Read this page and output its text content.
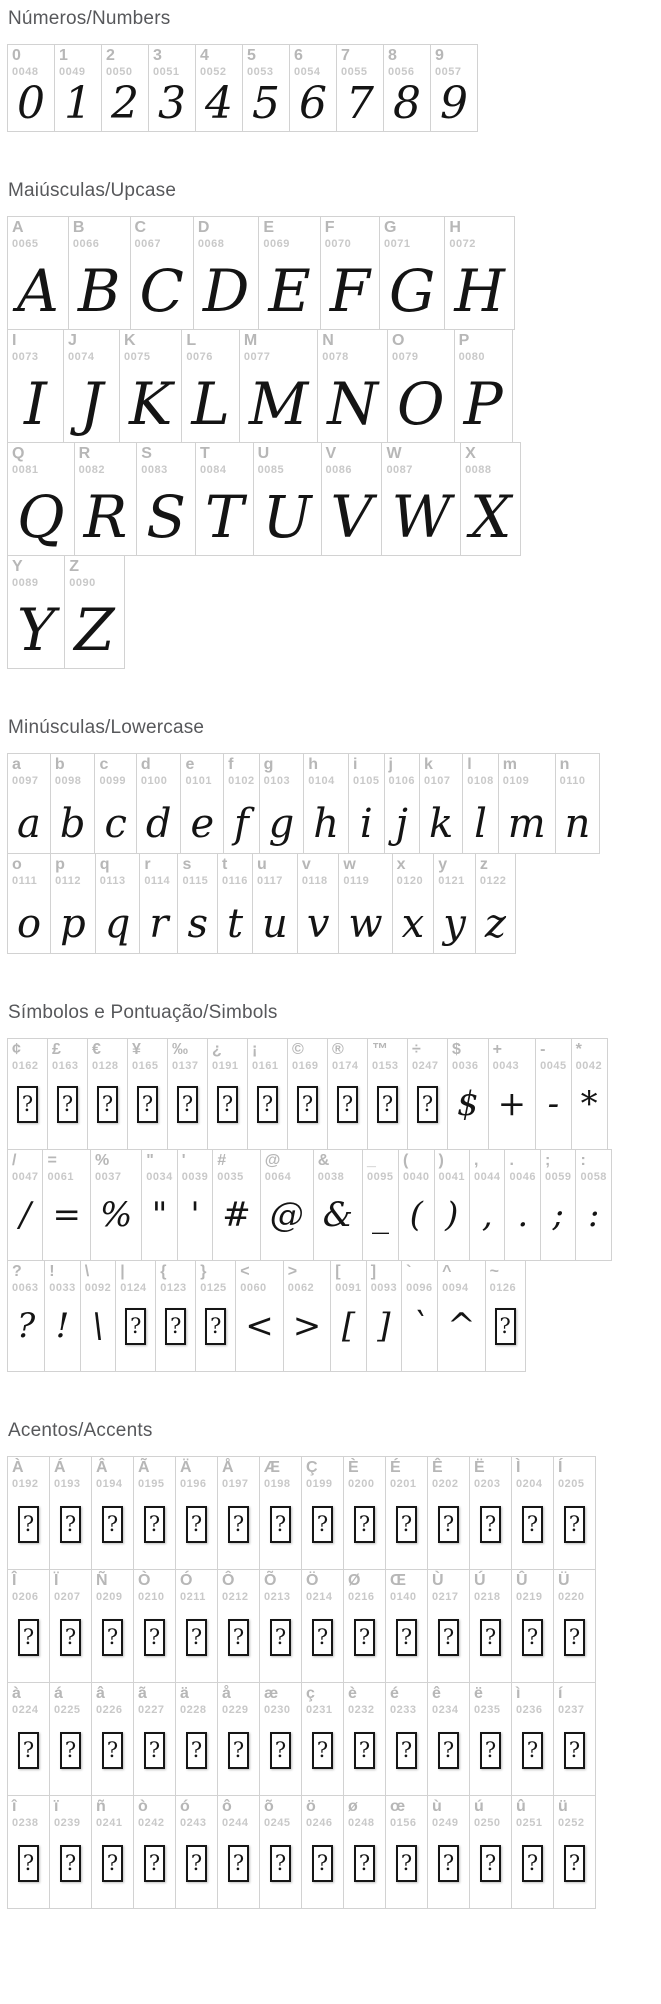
Números/Numbers
0
0048
0
1
0049
1
2
0050
2
3
0051
3
4
0052
4
5
0053
5
6
0054
6
7
0055
7
8
0056
8
9
0057
9
Maiúsculas/Upcase
A
0065
A
B
0066
B
C
0067
C
D
0068
D
E
0069
E
F
0070
F
G
0071
G
H
0072
H
I
0073
I
J
0074
J
K
0075
K
L
0076
L
M
0077
M
N
0078
N
O
0079
O
P
0080
P
Q
0081
Q
R
0082
R
S
0083
S
T
0084
T
U
0085
U
V
0086
V
W
0087
W
X
0088
X
Y
0089
Y
Z
0090
Z
Minúsculas/Lowercase
a
0097
a
b
0098
b
c
0099
c
d
0100
d
e
0101
e
f
0102
f
g
0103
g
h
0104
h
i
0105
i
j
0106
j
k
0107
k
l
0108
l
m
0109
m
n
0110
n
o
0111
o
p
0112
p
q
0113
q
r
0114
r
s
0115
s
t
0116
t
u
0117
u
v
0118
v
w
0119
w
x
0120
x
y
0121
y
z
0122
z
Símbolos e Pontuação/Simbols
¢
0162
?
£
0163
?
€
0128
?
¥
0165
?
‰
0137
?
¿
0191
?
¡
0161
?
©
0169
?
®
0174
?
™
0153
?
÷
0247
?
$
0036
$
+
0043
+
-
0045
-
*
0042
*
/
0047
/
=
0061
=
%
0037
%
"
0034
"
'
0039
'
#
0035
#
@
0064
@
&
0038
&
_
0095
_
(
0040
(
)
0041
)
,
0044
,
.
0046
.
;
0059
;
:
0058
:
?
0063
?
!
0033
!
\
0092
\
|
0124
?
{
0123
?
}
0125
?
<
0060
<
>
0062
>
[
0091
[
]
0093
]
`
0096
`
^
0094
^
~
0126
?
Acentos/Accents
À
0192
?
Á
0193
?
Â
0194
?
Ã
0195
?
Ä
0196
?
Å
0197
?
Æ
0198
?
Ç
0199
?
È
0200
?
É
0201
?
Ê
0202
?
Ë
0203
?
Ì
0204
?
Í
0205
?
Î
0206
?
Ï
0207
?
Ñ
0209
?
Ò
0210
?
Ó
0211
?
Ô
0212
?
Õ
0213
?
Ö
0214
?
Ø
0216
?
Œ
0140
?
Ù
0217
?
Ú
0218
?
Û
0219
?
Ü
0220
?
à
0224
?
á
0225
?
â
0226
?
ã
0227
?
ä
0228
?
å
0229
?
æ
0230
?
ç
0231
?
è
0232
?
é
0233
?
ê
0234
?
ë
0235
?
ì
0236
?
í
0237
?
î
0238
?
ï
0239
?
ñ
0241
?
ò
0242
?
ó
0243
?
ô
0244
?
õ
0245
?
ö
0246
?
ø
0248
?
œ
0156
?
ù
0249
?
ú
0250
?
û
0251
?
ü
0252
?
